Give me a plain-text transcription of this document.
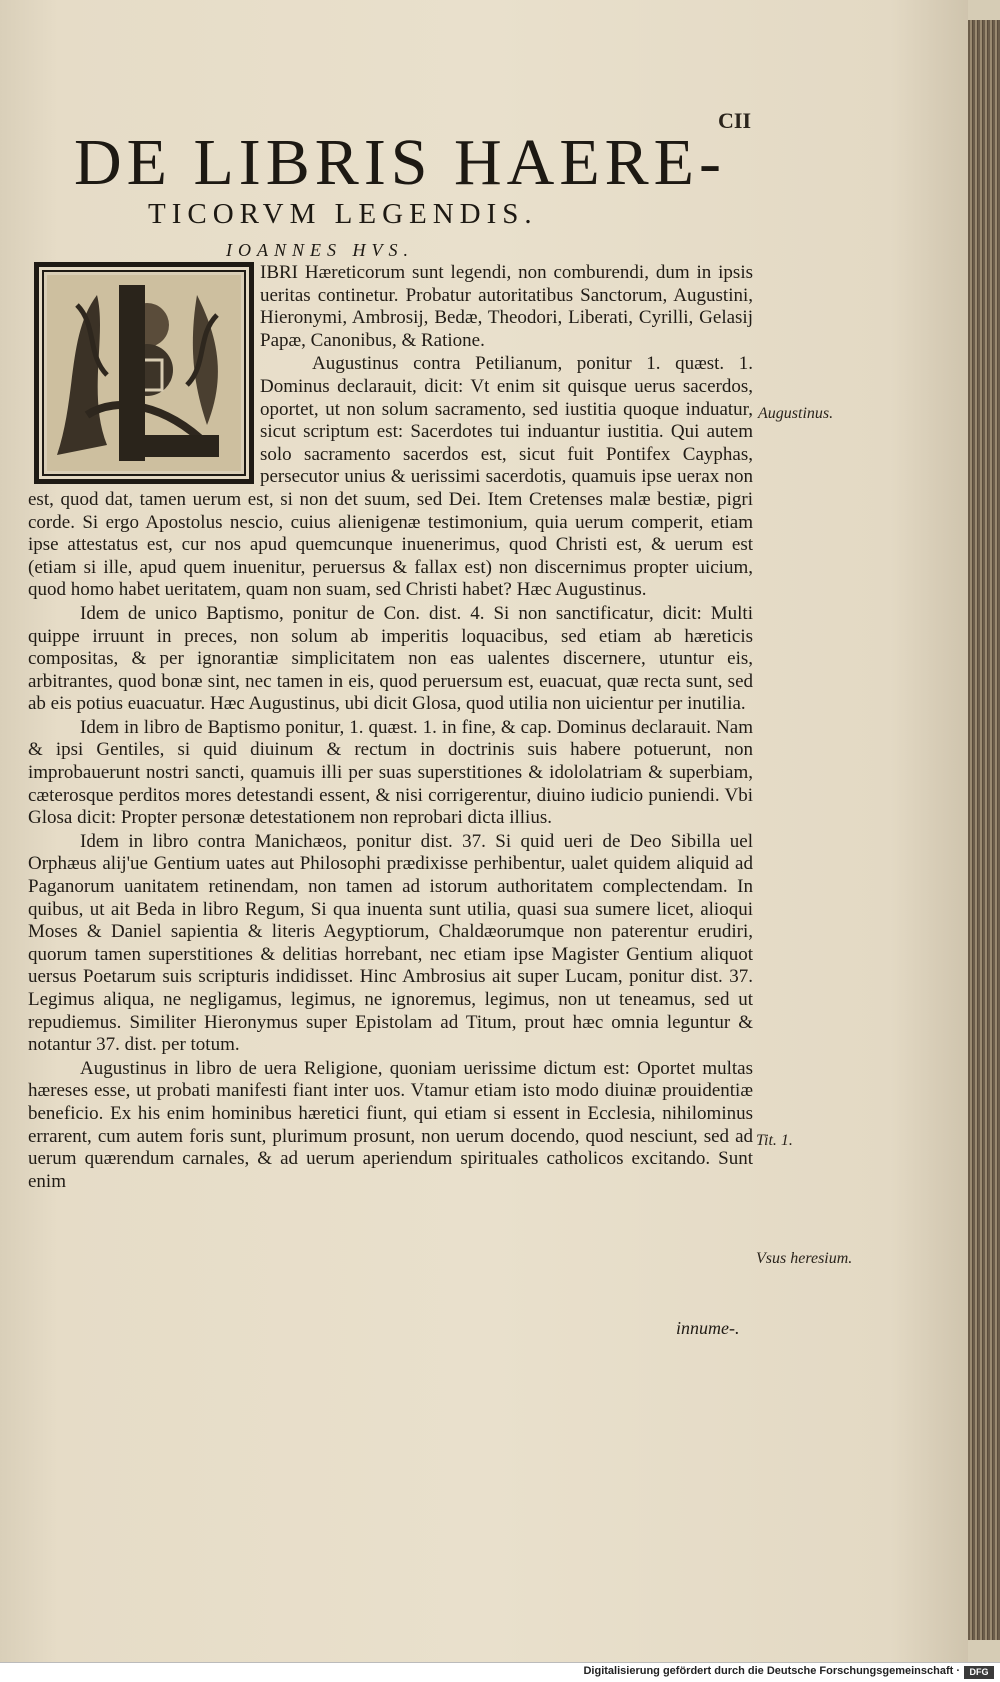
CII
DE LIBRIS HAERE-
TICORVM LEGENDIS.
IOANNES HVS.

IBRI Hæreticorum sunt legendi, non comburendi, dum in ipsis ueritas continetur. Probatur autoritatibus Sanctorum, Augustini, Hieronymi, Ambrosij, Bedæ, Theodori, Liberati, Cyrilli, Gelasij Papæ, Canonibus, & Ratione.

Augustinus contra Petilianum, ponitur 1. quæst. 1. Dominus declarauit, dicit: Vt enim sit quisque uerus sacerdos, oportet, ut non solum sacramento, sed iustitia quoque induatur, sicut scriptum est: Sacerdotes tui induantur iustitia. Qui autem solo sacramento sacerdos est, sicut fuit Pontifex Cayphas, persecutor unius & uerissimi sacerdotis, quamuis ipse uerax non est, quod dat, tamen uerum est, si non det suum, sed Dei. Item Cretenses malæ bestiæ, pigri corde. Si ergo Apostolus nescio, cuius alienigenæ testimonium, quia uerum comperit, etiam ipse attestatus est, cur nos apud quemcunque inuenerimus, quod Christi est, & uerum est (etiam si ille, apud quem inuenitur, peruersus & fallax est) non discernimus propter uicium, quod homo habet ueritatem, quam non suam, sed Christi habet? Hæc Augustinus.

Idem de unico Baptismo, ponitur de Con. dist. 4. Si non sanctificatur, dicit: Multi quippe irruunt in preces, non solum ab imperitis loquacibus, sed etiam ab hæreticis compositas, & per ignorantiæ simplicitatem non eas ualentes discernere, utuntur eis, arbitrantes, quod bonæ sint, nec tamen in eis, quod peruersum est, euacuat, quæ recta sunt, sed ab eis potius euacuatur. Hæc Augustinus, ubi dicit Glosa, quod utilia non uicientur per inutilia.

Idem in libro de Baptismo ponitur, 1. quæst. 1. in fine, & cap. Dominus declarauit. Nam & ipsi Gentiles, si quid diuinum & rectum in doctrinis suis habere potuerunt, non improbauerunt nostri sancti, quamuis illi per suas superstitiones & idololatriam & superbiam, cæterosque perditos mores detestandi essent, & nisi corrigerentur, diuino iudicio puniendi. Vbi Glosa dicit: Propter personæ detestationem non reprobari dicta illius.

Idem in libro contra Manichæos, ponitur dist. 37. Si quid ueri de Deo Sibilla uel Orphæus alij'ue Gentium uates aut Philosophi prædixisse perhibentur, ualet quidem aliquid ad Paganorum uanitatem retinendam, non tamen ad istorum authoritatem complectendam. In quibus, ut ait Beda in libro Regum, Si qua inuenta sunt utilia, quasi sua sumere licet, alioqui Moses & Daniel sapientia & literis Aegyptiorum, Chaldæorumque non paterentur erudiri, quorum tamen superstitiones & delitias horrebant, nec etiam ipse Magister Gentium aliquot uersus Poetarum suis scripturis indidisset. Hinc Ambrosius ait super Lucam, ponitur dist. 37. Legimus aliqua, ne negligamus, legimus, ne ignoremus, legimus, non ut teneamus, sed ut repudiemus. Similiter Hieronymus super Epistolam ad Titum, prout hæc omnia leguntur & notantur 37. dist. per totum.

Augustinus in libro de uera Religione, quoniam uerissime dictum est: Oportet multas hæreses esse, ut probati manifesti fiant inter uos. Vtamur etiam isto modo diuinæ prouidentiæ beneficio. Ex his enim hominibus hæretici fiunt, qui etiam si essent in Ecclesia, nihilominus errarent, cum autem foris sunt, plurimum prosunt, non uerum docendo, quod nesciunt, sed ad uerum quærendum carnales, & ad uerum aperiendum spirituales catholicos excitando. Sunt enim

Augustinus.
Tit. 1.
Vsus heresium.
innume-.
Digitalisierung gefördert durch die Deutsche Forschungsgemeinschaft ·	DFG
